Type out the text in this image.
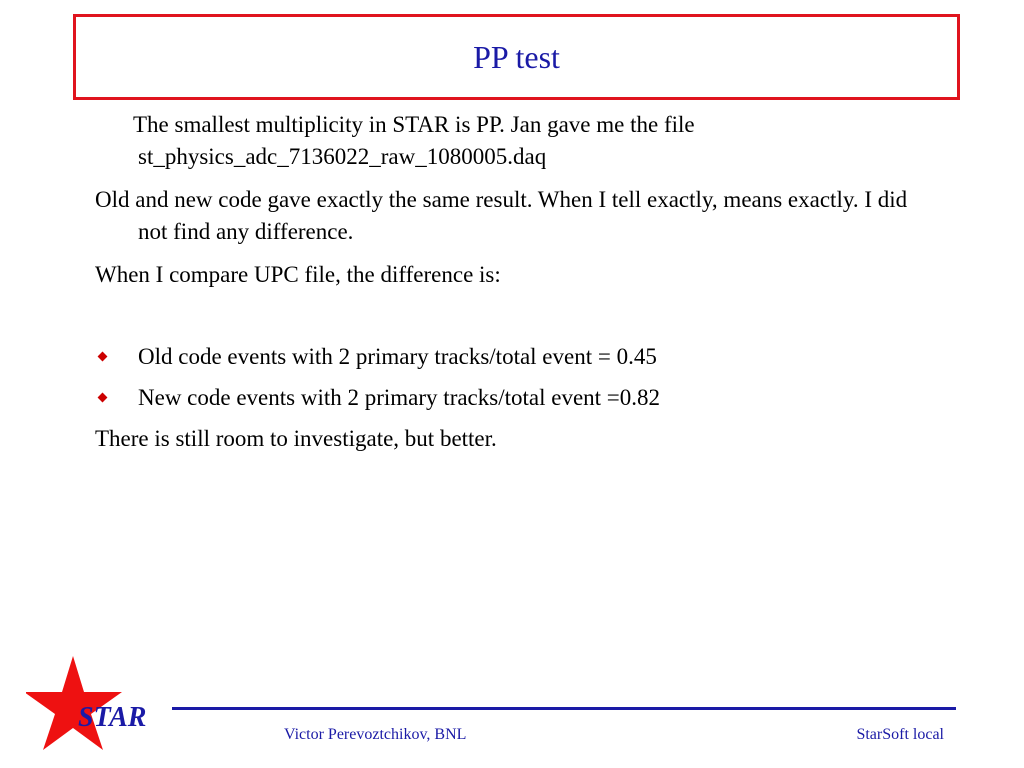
PP test

The smallest multiplicity in STAR is PP. Jan gave me the file st_physics_adc_7136022_raw_1080005.daq

Old and new code gave exactly the same result. When I tell exactly, means exactly. I did not find any difference.

When I compare UPC file, the difference is:

Old code events with 2 primary tracks/total event = 0.45
New code events with 2 primary tracks/total event =0.82

There is still room to investigate, but better.

STAR
Victor Perevoztchikov, BNL	StarSoft local
